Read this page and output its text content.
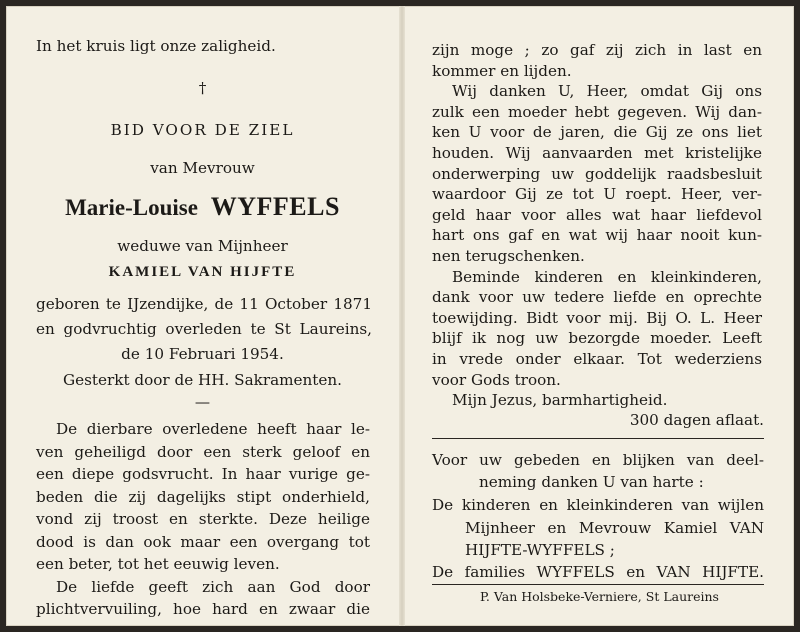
In het kruis ligt onze zaligheid.
†
BID VOOR DE ZIEL
van Mevrouw
Marie-Louise WYFFELS
weduwe van Mijnheer
KAMIEL VAN HIJFTE
geboren te IJzendijke, de 11 October 1871
en godvruchtig overleden te St Laureins,
de 10 Februari 1954.
Gesterkt door de HH. Sakramenten.
—
De dierbare overledene heeft haar le-
ven geheiligd door een sterk geloof en
een diepe godsvrucht. In haar vurige ge-
beden die zij dagelijks stipt onderhield,
vond zij troost en sterkte. Deze heilige
dood is dan ook maar een overgang tot
een beter, tot het eeuwig leven.
De liefde geeft zich aan God door
plichtvervuiling, hoe hard en zwaar die
zijn moge ; zo gaf zij zich in last en
kommer en lijden.
Wij danken U, Heer, omdat Gij ons
zulk een moeder hebt gegeven. Wij dan-
ken U voor de jaren, die Gij ze ons liet
houden. Wij aanvaarden met kristelijke
onderwerping uw goddelijk raadsbesluit
waardoor Gij ze tot U roept. Heer, ver-
geld haar voor alles wat haar liefdevol
hart ons gaf en wat wij haar nooit kun-
nen terugschenken.
Beminde kinderen en kleinkinderen,
dank voor uw tedere liefde en oprechte
toewijding. Bidt voor mij. Bij O. L. Heer
blijf ik nog uw bezorgde moeder. Leeft
in vrede onder elkaar. Tot wederziens
voor Gods troon.
Mijn Jezus, barmhartigheid.
300 dagen aflaat.
Voor uw gebeden en blijken van deel-
neming danken U van harte :
De kinderen en kleinkinderen van wijlen
Mijnheer en Mevrouw Kamiel VAN
HIJFTE-WYFFELS ;
De families WYFFELS en VAN HIJFTE.
P. Van Holsbeke-Verniere, St Laureins
